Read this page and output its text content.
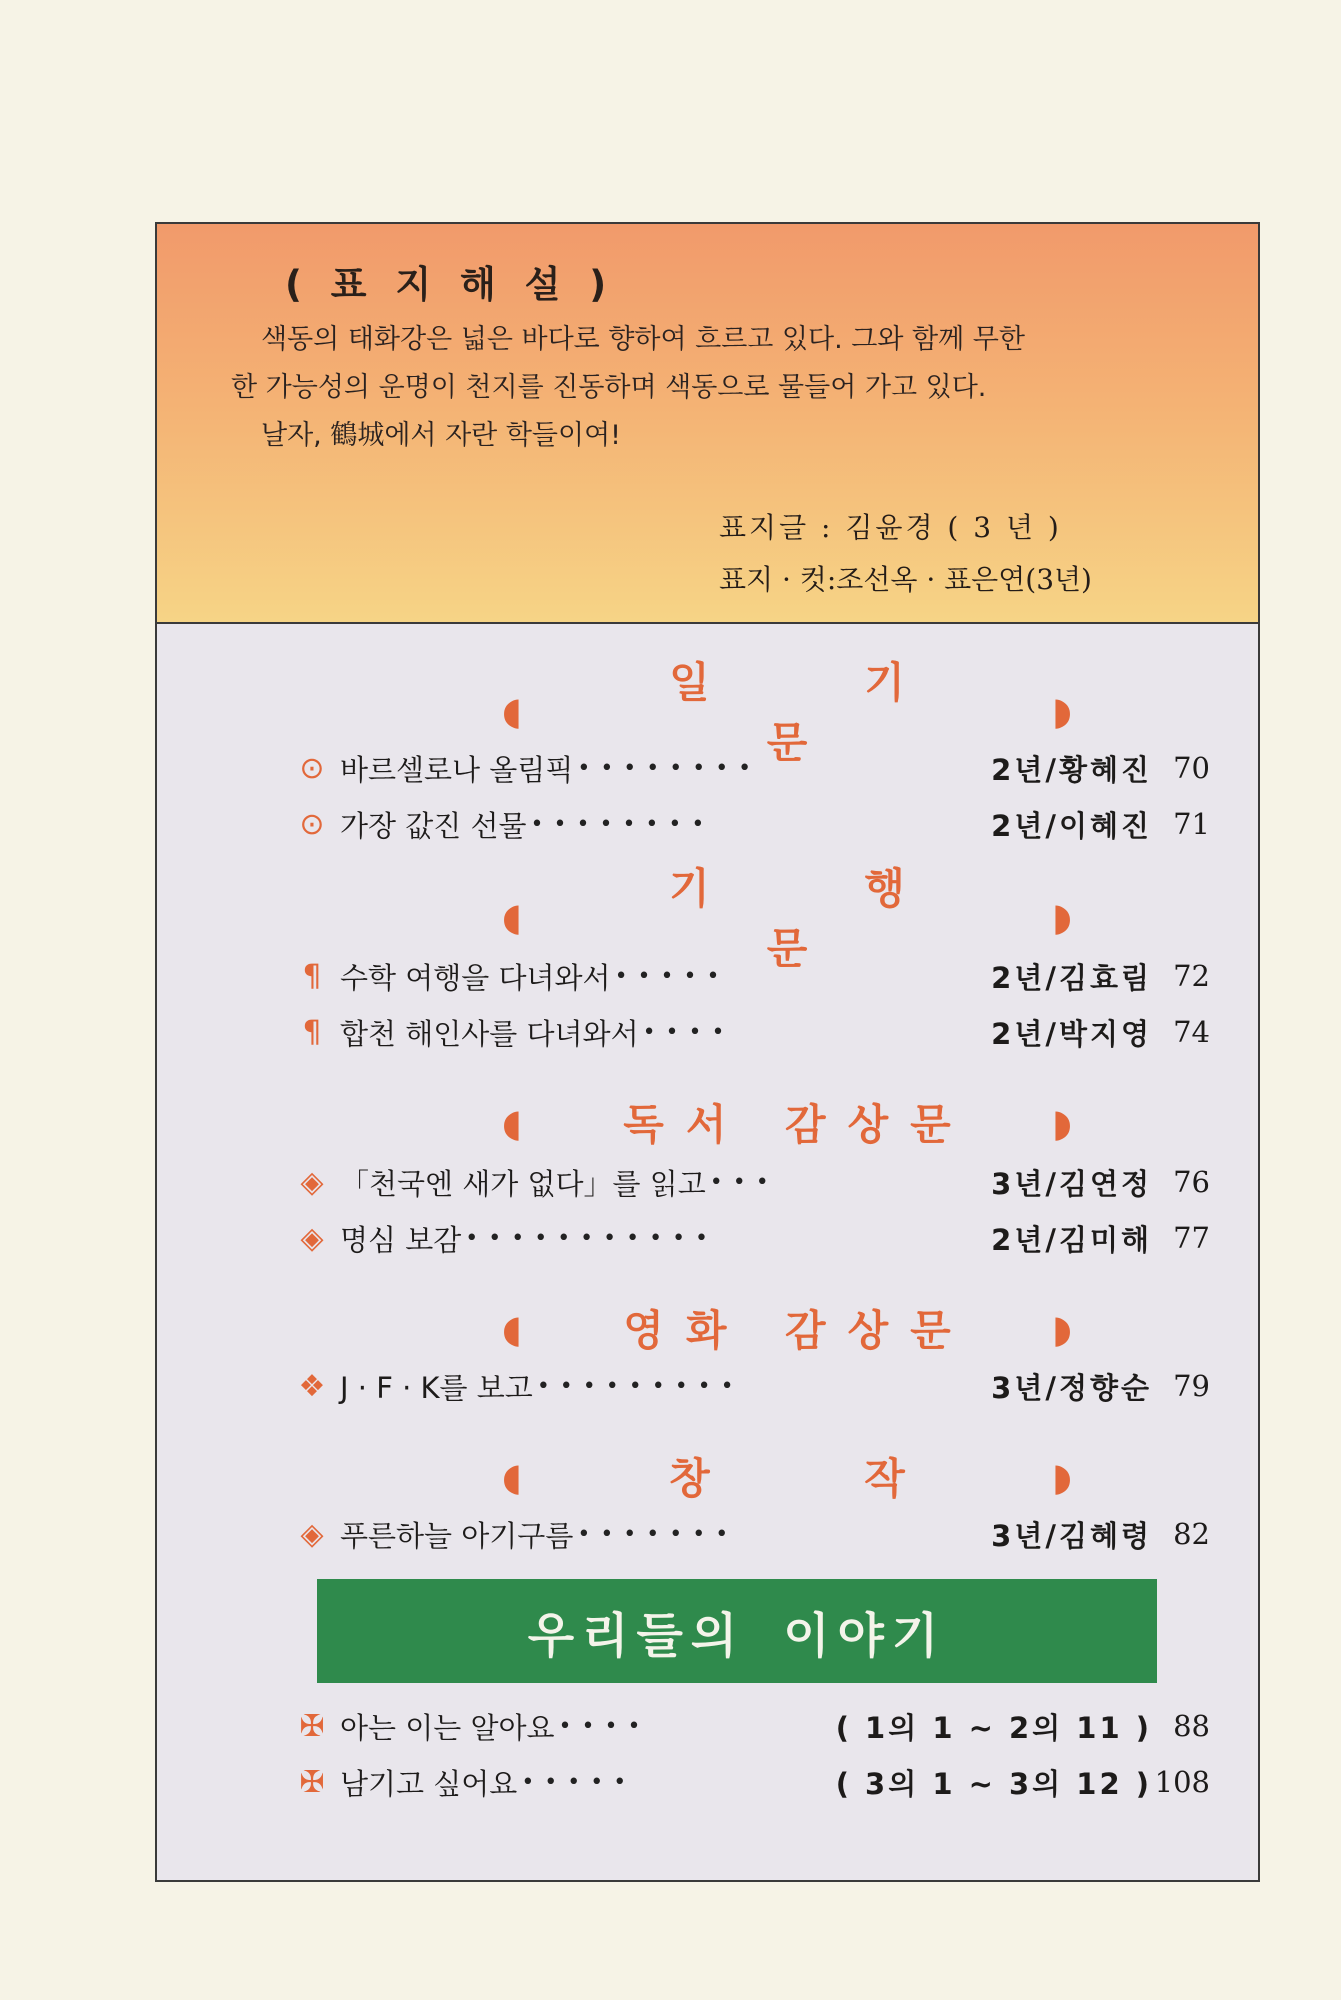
( 표 지 해 설 )

색동의 태화강은 넓은 바다로 향하여 흐르고 있다. 그와 함께 무한

한 가능성의 운명이 천지를 진동하며 색동으로 물들어 가고 있다.

날자, 鶴城에서 자란 학들이여!

표지글 : 김윤경 ( 3 년 )
표지 · 컷:조선옥 · 표은연(3년)
◖
일 기 문
◗
⊙ 바르셀로나 올림픽 ••••••••	2년/황혜진 70
⊙ 가장 값진 선물 ••••••••	2년/이혜진 71
◖
기 행 문
◗
¶ 수학 여행을 다녀와서 •••••	2년/김효림 72
¶ 합천 해인사를 다녀와서 ••••	2년/박지영 74
◖	독서 감상문	◗
◈ 「천국엔 새가 없다」를 읽고 •••	3년/김연정 76
◈ 명심 보감 •••••••••••	2년/김미해 77
◖	영화 감상문	◗
❖ J · F · K를 보고 •••••••••	3년/정향순 79
◖	창 작	◗
◈ 푸른하늘 아기구름 •••••••	3년/김혜령 82
우리들의 이야기
✠ 아는 이는 알아요 ••••	( 1의 1 ~ 2의 11 ) 88
✠ 남기고 싶어요 •••••	( 3의 1 ~ 3의 12 ) 108
